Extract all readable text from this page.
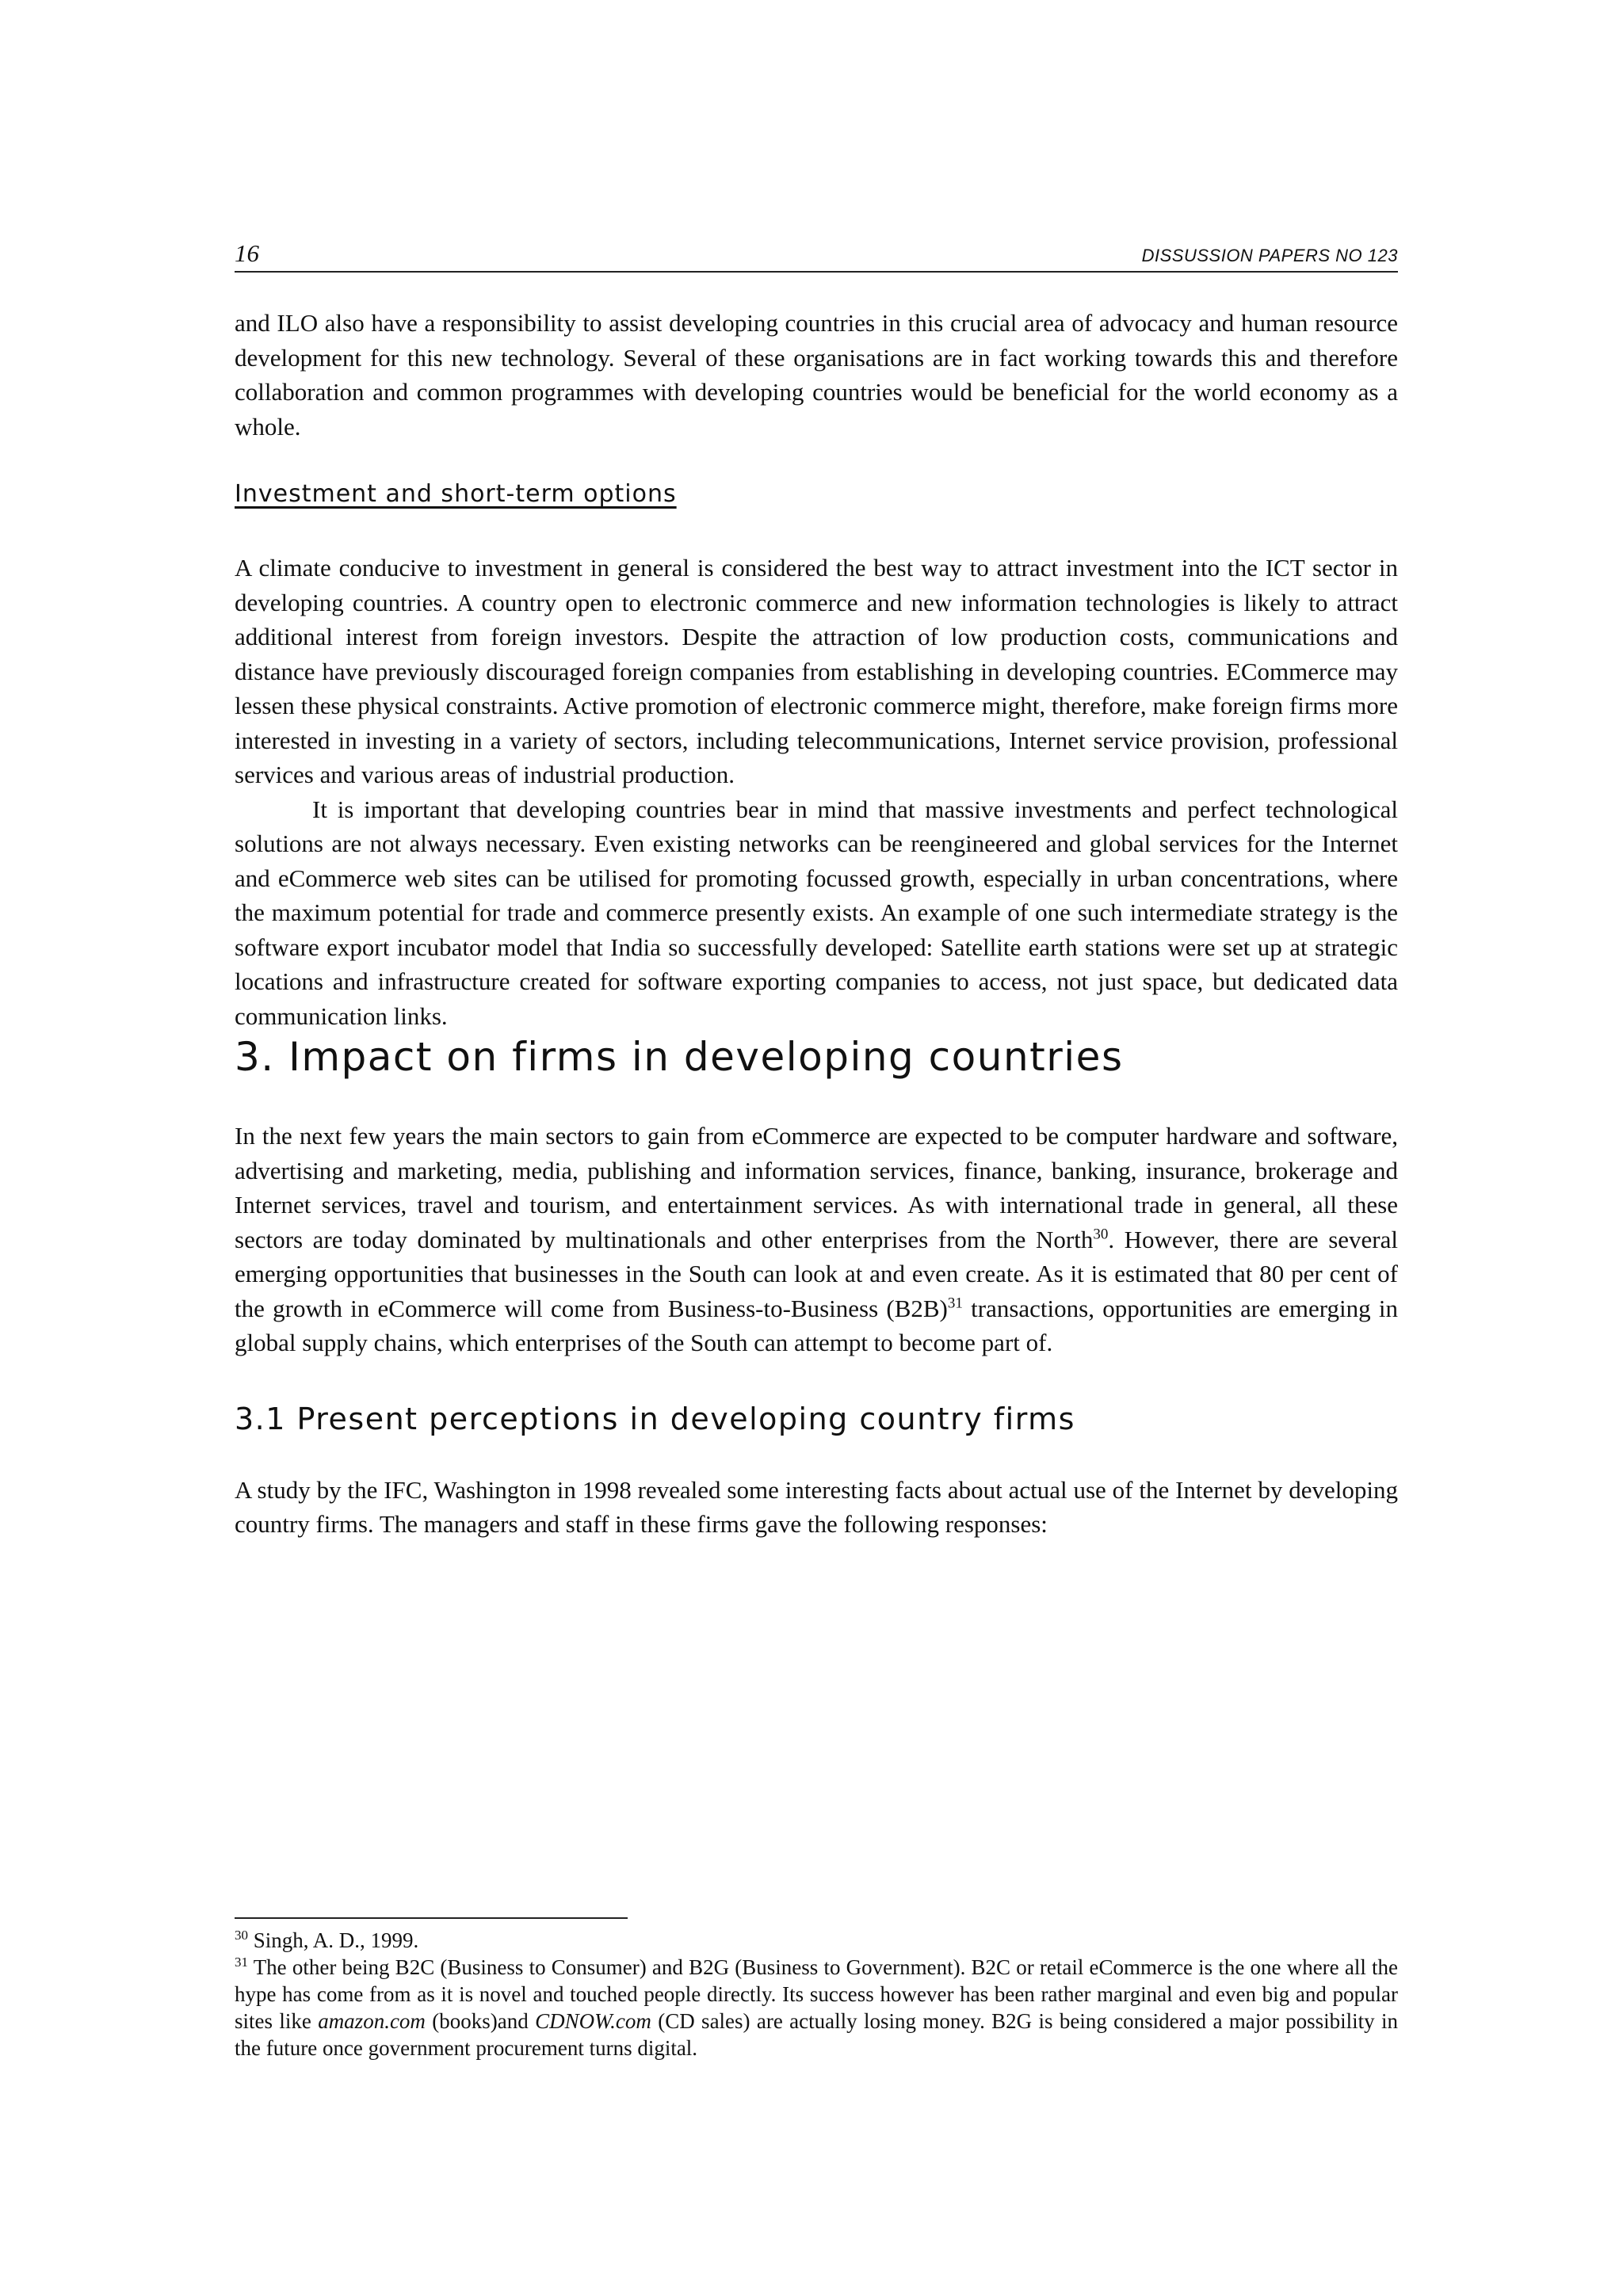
16	DISSUSSION PAPERS NO 123

and ILO also have a responsibility to assist developing countries in this crucial area of advocacy and human resource development for this new technology. Several of these organisations are in fact working towards this and therefore collaboration and common programmes with developing countries would be beneficial for the world economy as a whole.

Investment and short-term options

A climate conducive to investment in general is considered the best way to attract investment into the ICT sector in developing countries. A country open to electronic commerce and new information technologies is likely to attract additional interest from foreign investors. Despite the attraction of low production costs, communications and distance have previously discouraged foreign companies from establishing in developing countries. ECommerce may lessen these physical constraints. Active promotion of electronic commerce might, therefore, make foreign firms more interested in investing in a variety of sectors, including telecommunications, Internet service provision, professional services and various areas of industrial production.

It is important that developing countries bear in mind that massive investments and perfect technological solutions are not always necessary. Even existing networks can be reengineered and global services for the Internet and eCommerce web sites can be utilised for promoting focussed growth, especially in urban concentrations, where the maximum potential for trade and commerce presently exists. An example of one such intermediate strategy is the software export incubator model that India so successfully developed: Satellite earth stations were set up at strategic locations and infrastructure created for software exporting companies to access, not just space, but dedicated data communication links.

3. Impact on firms in developing countries

In the next few years the main sectors to gain from eCommerce are expected to be computer hardware and software, advertising and marketing, media, publishing and information services, finance, banking, insurance, brokerage and Internet services, travel and tourism, and entertainment services. As with international trade in general, all these sectors are today dominated by multinationals and other enterprises from the North$^{30}$. However, there are several emerging opportunities that businesses in the South can look at and even create. As it is estimated that 80 per cent of the growth in eCommerce will come from Business-to-Business $(B2B)^{31}$ transactions, opportunities are emerging in global supply chains, which enterprises of the South can attempt to become part of.

3.1 Present perceptions in developing country firms

A study by the IFC, Washington in 1998 revealed some interesting facts about actual use of the Internet by developing country firms. The managers and staff in these firms gave the following responses:

$^{30}$ Singh, A. D., 1999.

$^{31}$ The other being B2C (Business to Consumer) and B2G (Business to Government). B2C or retail eCommerce is the one where all the hype has come from as it is novel and touched people directly. Its success however has been rather marginal and even big and popular sites like amazon.com (books)and CDNOW.com (CD sales) are actually losing money. B2G is being considered a major possibility in the future once government procurement turns digital.
